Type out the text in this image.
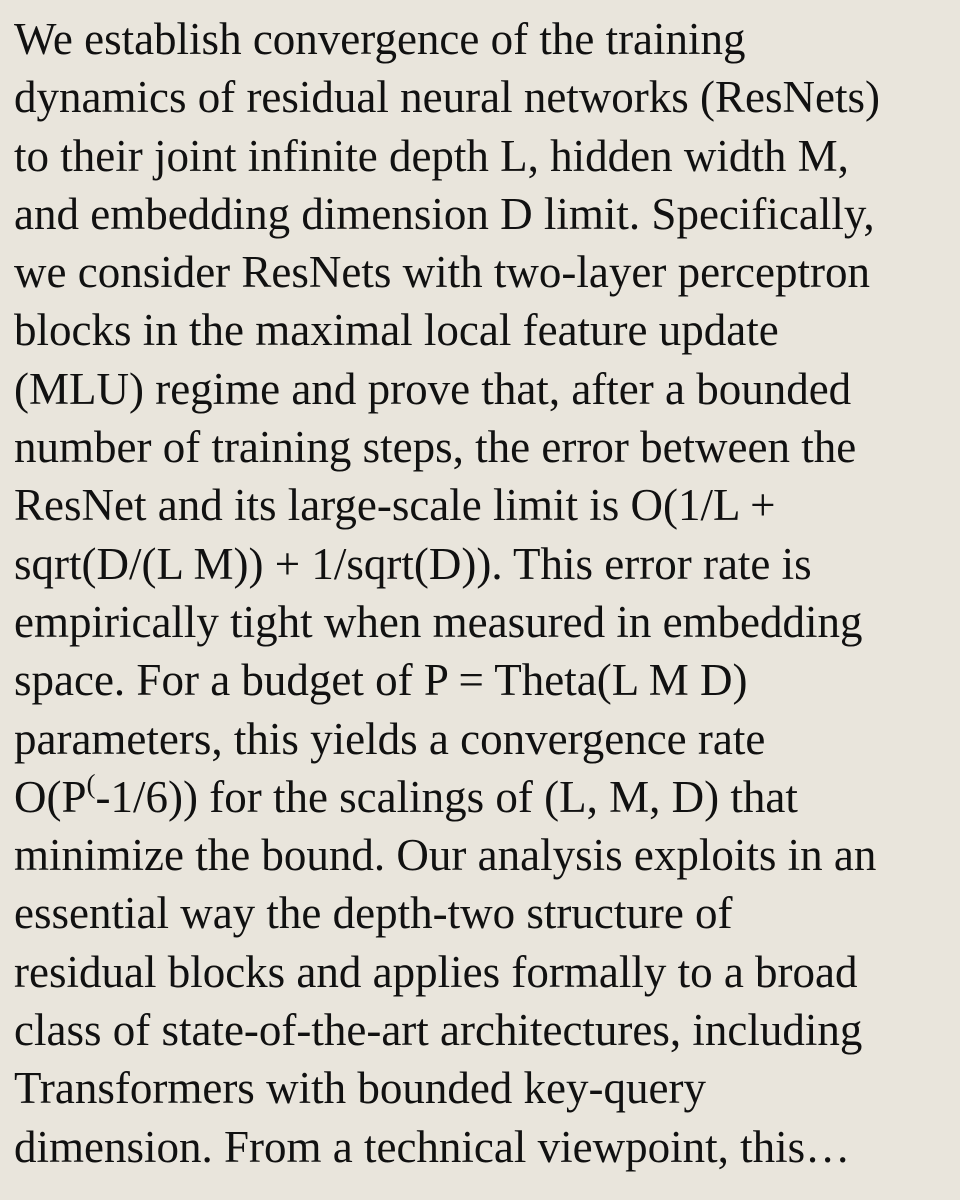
We establish convergence of the training
dynamics of residual neural networks (ResNets)
to their joint infinite depth L, hidden width M,
and embedding dimension D limit. Specifically,
we consider ResNets with two-layer perceptron
blocks in the maximal local feature update
(MLU) regime and prove that, after a bounded
number of training steps, the error between the
ResNet and its large-scale limit is O(1/L +
sqrt(D/(L M)) + 1/sqrt(D)). This error rate is
empirically tight when measured in embedding
space. For a budget of P = Theta(L M D)
parameters, this yields a convergence rate
O(P(-1/6)) for the scalings of (L, M, D) that
minimize the bound. Our analysis exploits in an
essential way the depth-two structure of
residual blocks and applies formally to a broad
class of state-of-the-art architectures, including
Transformers with bounded key-query
dimension. From a technical viewpoint, this…
